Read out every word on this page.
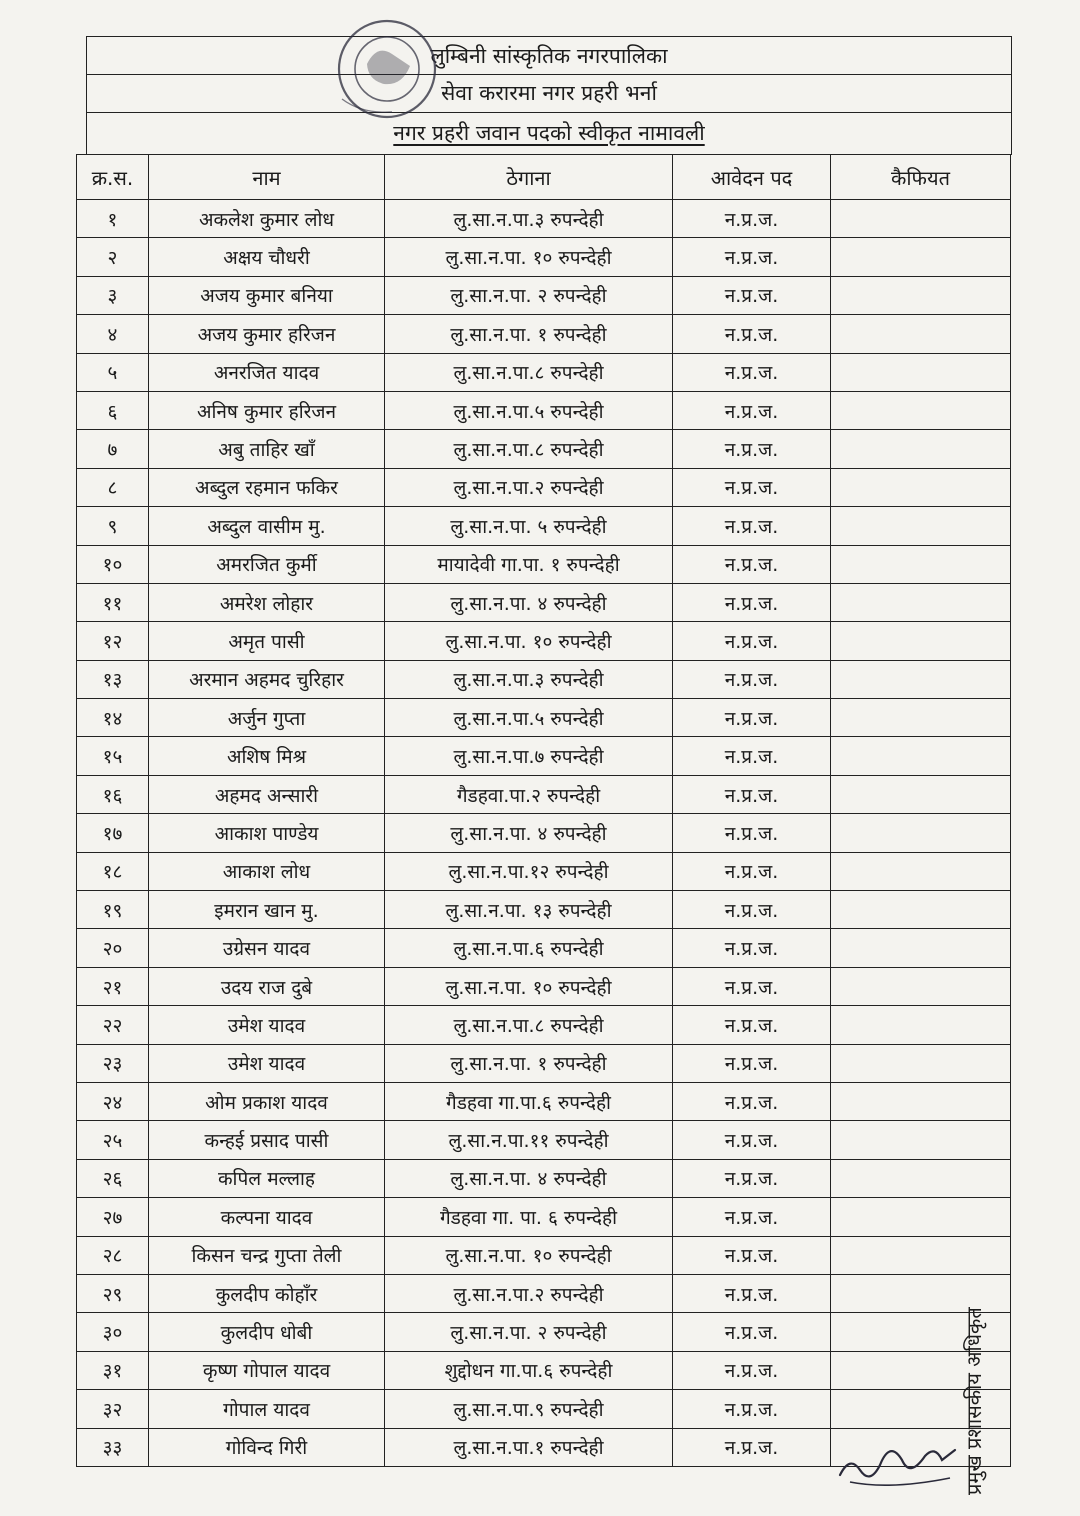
लुम्बिनी सांस्कृतिक नगरपालिका
सेवा करारमा नगर प्रहरी भर्ना
नगर प्रहरी जवान पदको स्वीकृत नामावली
क्र.स.	नाम	ठेगाना	आवेदन पद	कैफियत
१	अकलेश कुमार लोध	लु.सा.न.पा.३ रुपन्देही	न.प्र.ज.	
२	अक्षय चौधरी	लु.सा.न.पा. १० रुपन्देही	न.प्र.ज.	
३	अजय कुमार बनिया	लु.सा.न.पा. २ रुपन्देही	न.प्र.ज.	
४	अजय कुमार हरिजन	लु.सा.न.पा. १ रुपन्देही	न.प्र.ज.	
५	अनरजित यादव	लु.सा.न.पा.८ रुपन्देही	न.प्र.ज.	
६	अनिष कुमार हरिजन	लु.सा.न.पा.५ रुपन्देही	न.प्र.ज.	
७	अबु ताहिर खाँ	लु.सा.न.पा.८ रुपन्देही	न.प्र.ज.	
८	अब्दुल रहमान फकिर	लु.सा.न.पा.२ रुपन्देही	न.प्र.ज.	
९	अब्दुल वासीम मु.	लु.सा.न.पा. ५ रुपन्देही	न.प्र.ज.	
१०	अमरजित कुर्मी	मायादेवी गा.पा. १ रुपन्देही	न.प्र.ज.	
११	अमरेश लोहार	लु.सा.न.पा. ४ रुपन्देही	न.प्र.ज.	
१२	अमृत पासी	लु.सा.न.पा. १० रुपन्देही	न.प्र.ज.	
१३	अरमान अहमद चुरिहार	लु.सा.न.पा.३ रुपन्देही	न.प्र.ज.	
१४	अर्जुन गुप्ता	लु.सा.न.पा.५ रुपन्देही	न.प्र.ज.	
१५	अशिष मिश्र	लु.सा.न.पा.७ रुपन्देही	न.प्र.ज.	
१६	अहमद अन्सारी	गैडहवा.पा.२ रुपन्देही	न.प्र.ज.	
१७	आकाश पाण्डेय	लु.सा.न.पा. ४ रुपन्देही	न.प्र.ज.	
१८	आकाश लोध	लु.सा.न.पा.१२ रुपन्देही	न.प्र.ज.	
१९	इमरान खान मु.	लु.सा.न.पा. १३ रुपन्देही	न.प्र.ज.	
२०	उग्रेसन यादव	लु.सा.न.पा.६ रुपन्देही	न.प्र.ज.	
२१	उदय राज दुबे	लु.सा.न.पा. १० रुपन्देही	न.प्र.ज.	
२२	उमेश यादव	लु.सा.न.पा.८ रुपन्देही	न.प्र.ज.	
२३	उमेश यादव	लु.सा.न.पा. १ रुपन्देही	न.प्र.ज.	
२४	ओम प्रकाश यादव	गैडहवा गा.पा.६ रुपन्देही	न.प्र.ज.	
२५	कन्हई प्रसाद पासी	लु.सा.न.पा.११ रुपन्देही	न.प्र.ज.	
२६	कपिल मल्लाह	लु.सा.न.पा. ४ रुपन्देही	न.प्र.ज.	
२७	कल्पना यादव	गैडहवा गा. पा. ६ रुपन्देही	न.प्र.ज.	
२८	किसन चन्द्र गुप्ता तेली	लु.सा.न.पा. १० रुपन्देही	न.प्र.ज.	
२९	कुलदीप कोहाँर	लु.सा.न.पा.२ रुपन्देही	न.प्र.ज.	
३०	कुलदीप धोबी	लु.सा.न.पा. २ रुपन्देही	न.प्र.ज.	
३१	कृष्ण गोपाल यादव	शुद्दोधन गा.पा.६ रुपन्देही	न.प्र.ज.	
३२	गोपाल यादव	लु.सा.न.पा.९ रुपन्देही	न.प्र.ज.	
३३	गोविन्द गिरी	लु.सा.न.पा.१ रुपन्देही	न.प्र.ज.		प्रमुख प्रशासकीय अधिकृत
